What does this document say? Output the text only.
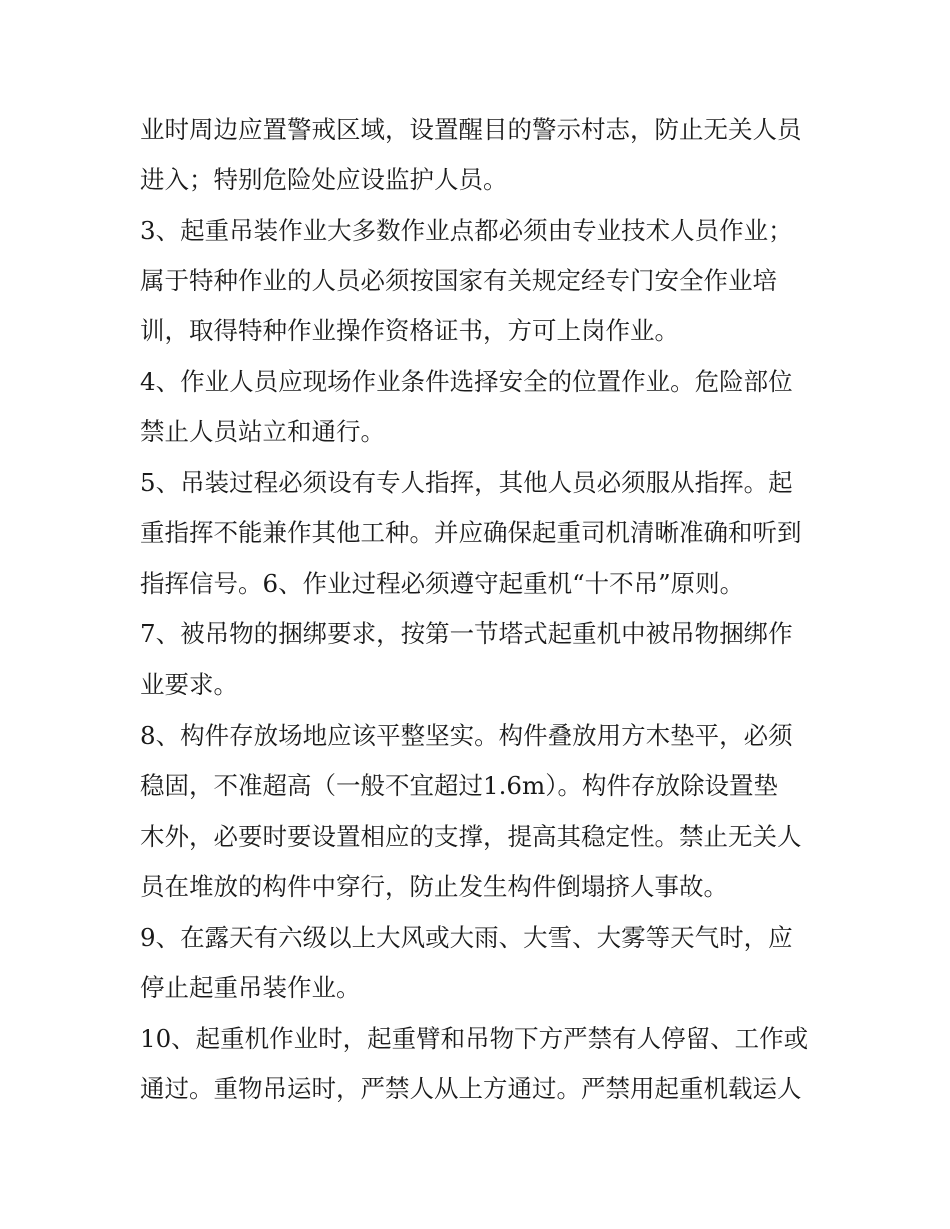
业时周边应置警戒区域，设置醒目的警示村志，防止无关人员
进入；特别危险处应设监护人员。
3、起重吊装作业大多数作业点都必须由专业技术人员作业；
属于特种作业的人员必须按国家有关规定经专门安全作业培
训，取得特种作业操作资格证书，方可上岗作业。
4、作业人员应现场作业条件选择安全的位置作业。危险部位
禁止人员站立和通行。
5、吊装过程必须设有专人指挥，其他人员必须服从指挥。起
重指挥不能兼作其他工种。并应确保起重司机清晰准确和听到
指挥信号。6、作业过程必须遵守起重机“十不吊”原则。
7、被吊物的捆绑要求，按第一节塔式起重机中被吊物捆绑作
业要求。
8、构件存放场地应该平整坚实。构件叠放用方木垫平，必须
稳固，不准超高（一般不宜超过1.6m）。构件存放除设置垫
木外，必要时要设置相应的支撑，提高其稳定性。禁止无关人
员在堆放的构件中穿行，防止发生构件倒塌挤人事故。
9、在露天有六级以上大风或大雨、大雪、大雾等天气时，应
停止起重吊装作业。
10、起重机作业时，起重臂和吊物下方严禁有人停留、工作或
通过。重物吊运时，严禁人从上方通过。严禁用起重机载运人
